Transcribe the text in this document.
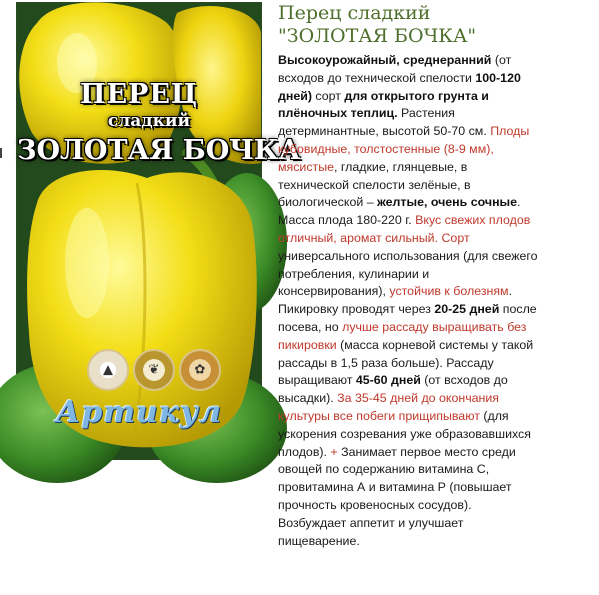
ПЕРЕЦ
сладкий
ЗОЛОТАЯ БОЧКА
▲	❦	✿
Артикул
Перец сладкий
"ЗОЛОТАЯ БОЧКА"

Высокоурожайный, среднеранний (от всходов до технической спелости 100-120 дней) сорт для открытого грунта и плёночных теплиц. Растения детерминантные, высотой 50-70 см. Плоды кубовидные, толстостенные (8-9 мм), мясистые, гладкие, глянцевые, в технической спелости зелёные, в биологической – желтые, очень сочные. Масса плода 180-220 г. Вкус свежих плодов отличный, аромат сильный. Сорт универсального использования (для свежего потребления, кулинарии и консервирования), устойчив к болезням. Пикировку проводят через 20-25 дней после посева, но лучше рассаду выращивать без пикировки (масса корневой системы у такой рассады в 1,5 раза больше). Рассаду выращивают 45-60 дней (от всходов до высадки). За 35-45 дней до окончания культуры все побеги прищипывают (для ускорения созревания уже образовавшихся плодов). + Занимает первое место среди овощей по содержанию витамина С, провитамина А и витамина Р (повышает прочность кровеносных сосудов). Возбуждает аппетит и улучшает пищеварение.
